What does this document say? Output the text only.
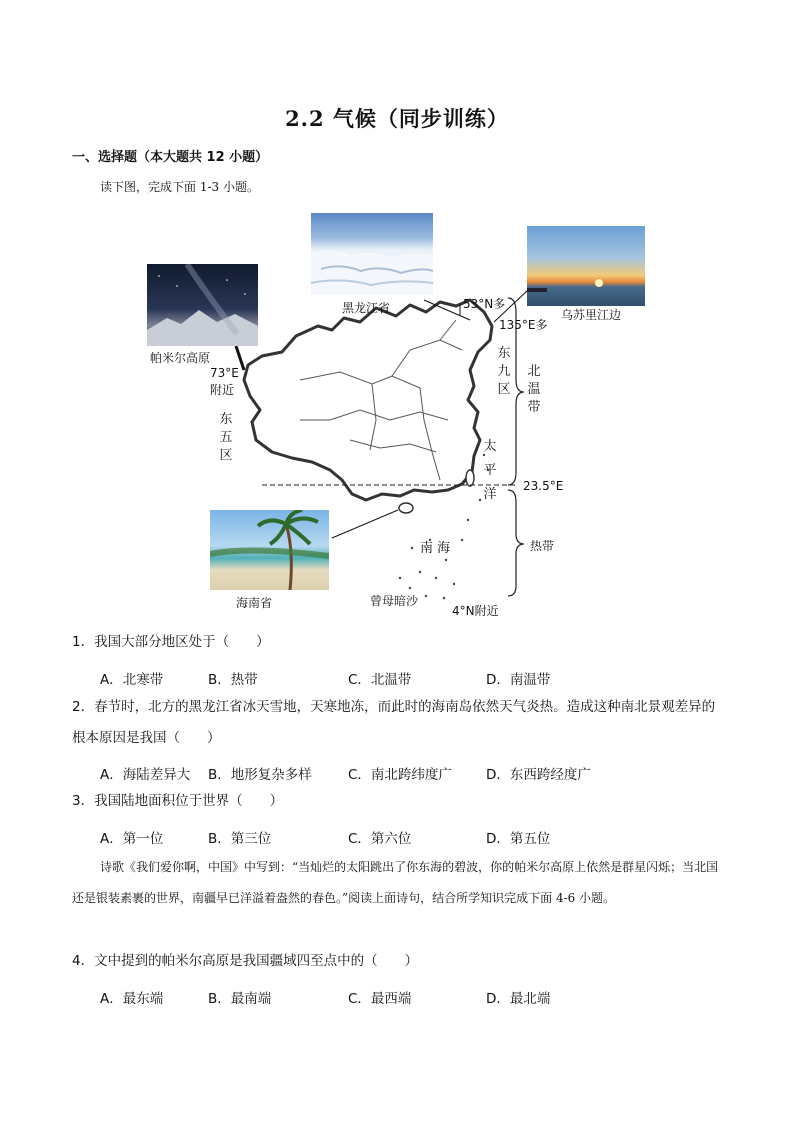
2.2 气候（同步训练）
一、选择题（本大题共 12 小题）
读下图，完成下面 1-3 小题。
黑龙江省	乌苏里江边
帕米尔高原
海南省	曾母暗沙
53°N多
135°E多
73°E
附近
23.5°E
4°N附近
南 海	热带
东九区
东五区
北温带
太平洋
1．我国大部分地区处于（　　）
A．北寒带	B．热带	C．北温带	D．南温带
2．春节时，北方的黑龙江省冰天雪地，天寒地冻，而此时的海南岛依然天气炎热。造成这种南北景观差异的根本原因是我国（　　）
A．海陆差异大 B．地形复杂多样	C．南北跨纬度广	D．东西跨经度广
3．我国陆地面积位于世界（　　）
A．第一位	B．第三位	C．第六位	D．第五位
诗歌《我们爱你啊，中国》中写到：“当灿烂的太阳跳出了你东海的碧波，你的帕米尔高原上依然是群星闪烁；当北国还是银装素裹的世界，南疆早已洋溢着盎然的春色。”阅读上面诗句，结合所学知识完成下面 4-6 小题。
4．文中提到的帕米尔高原是我国疆域四至点中的（　　）
A．最东端	B．最南端	C．最西端	D．最北端
